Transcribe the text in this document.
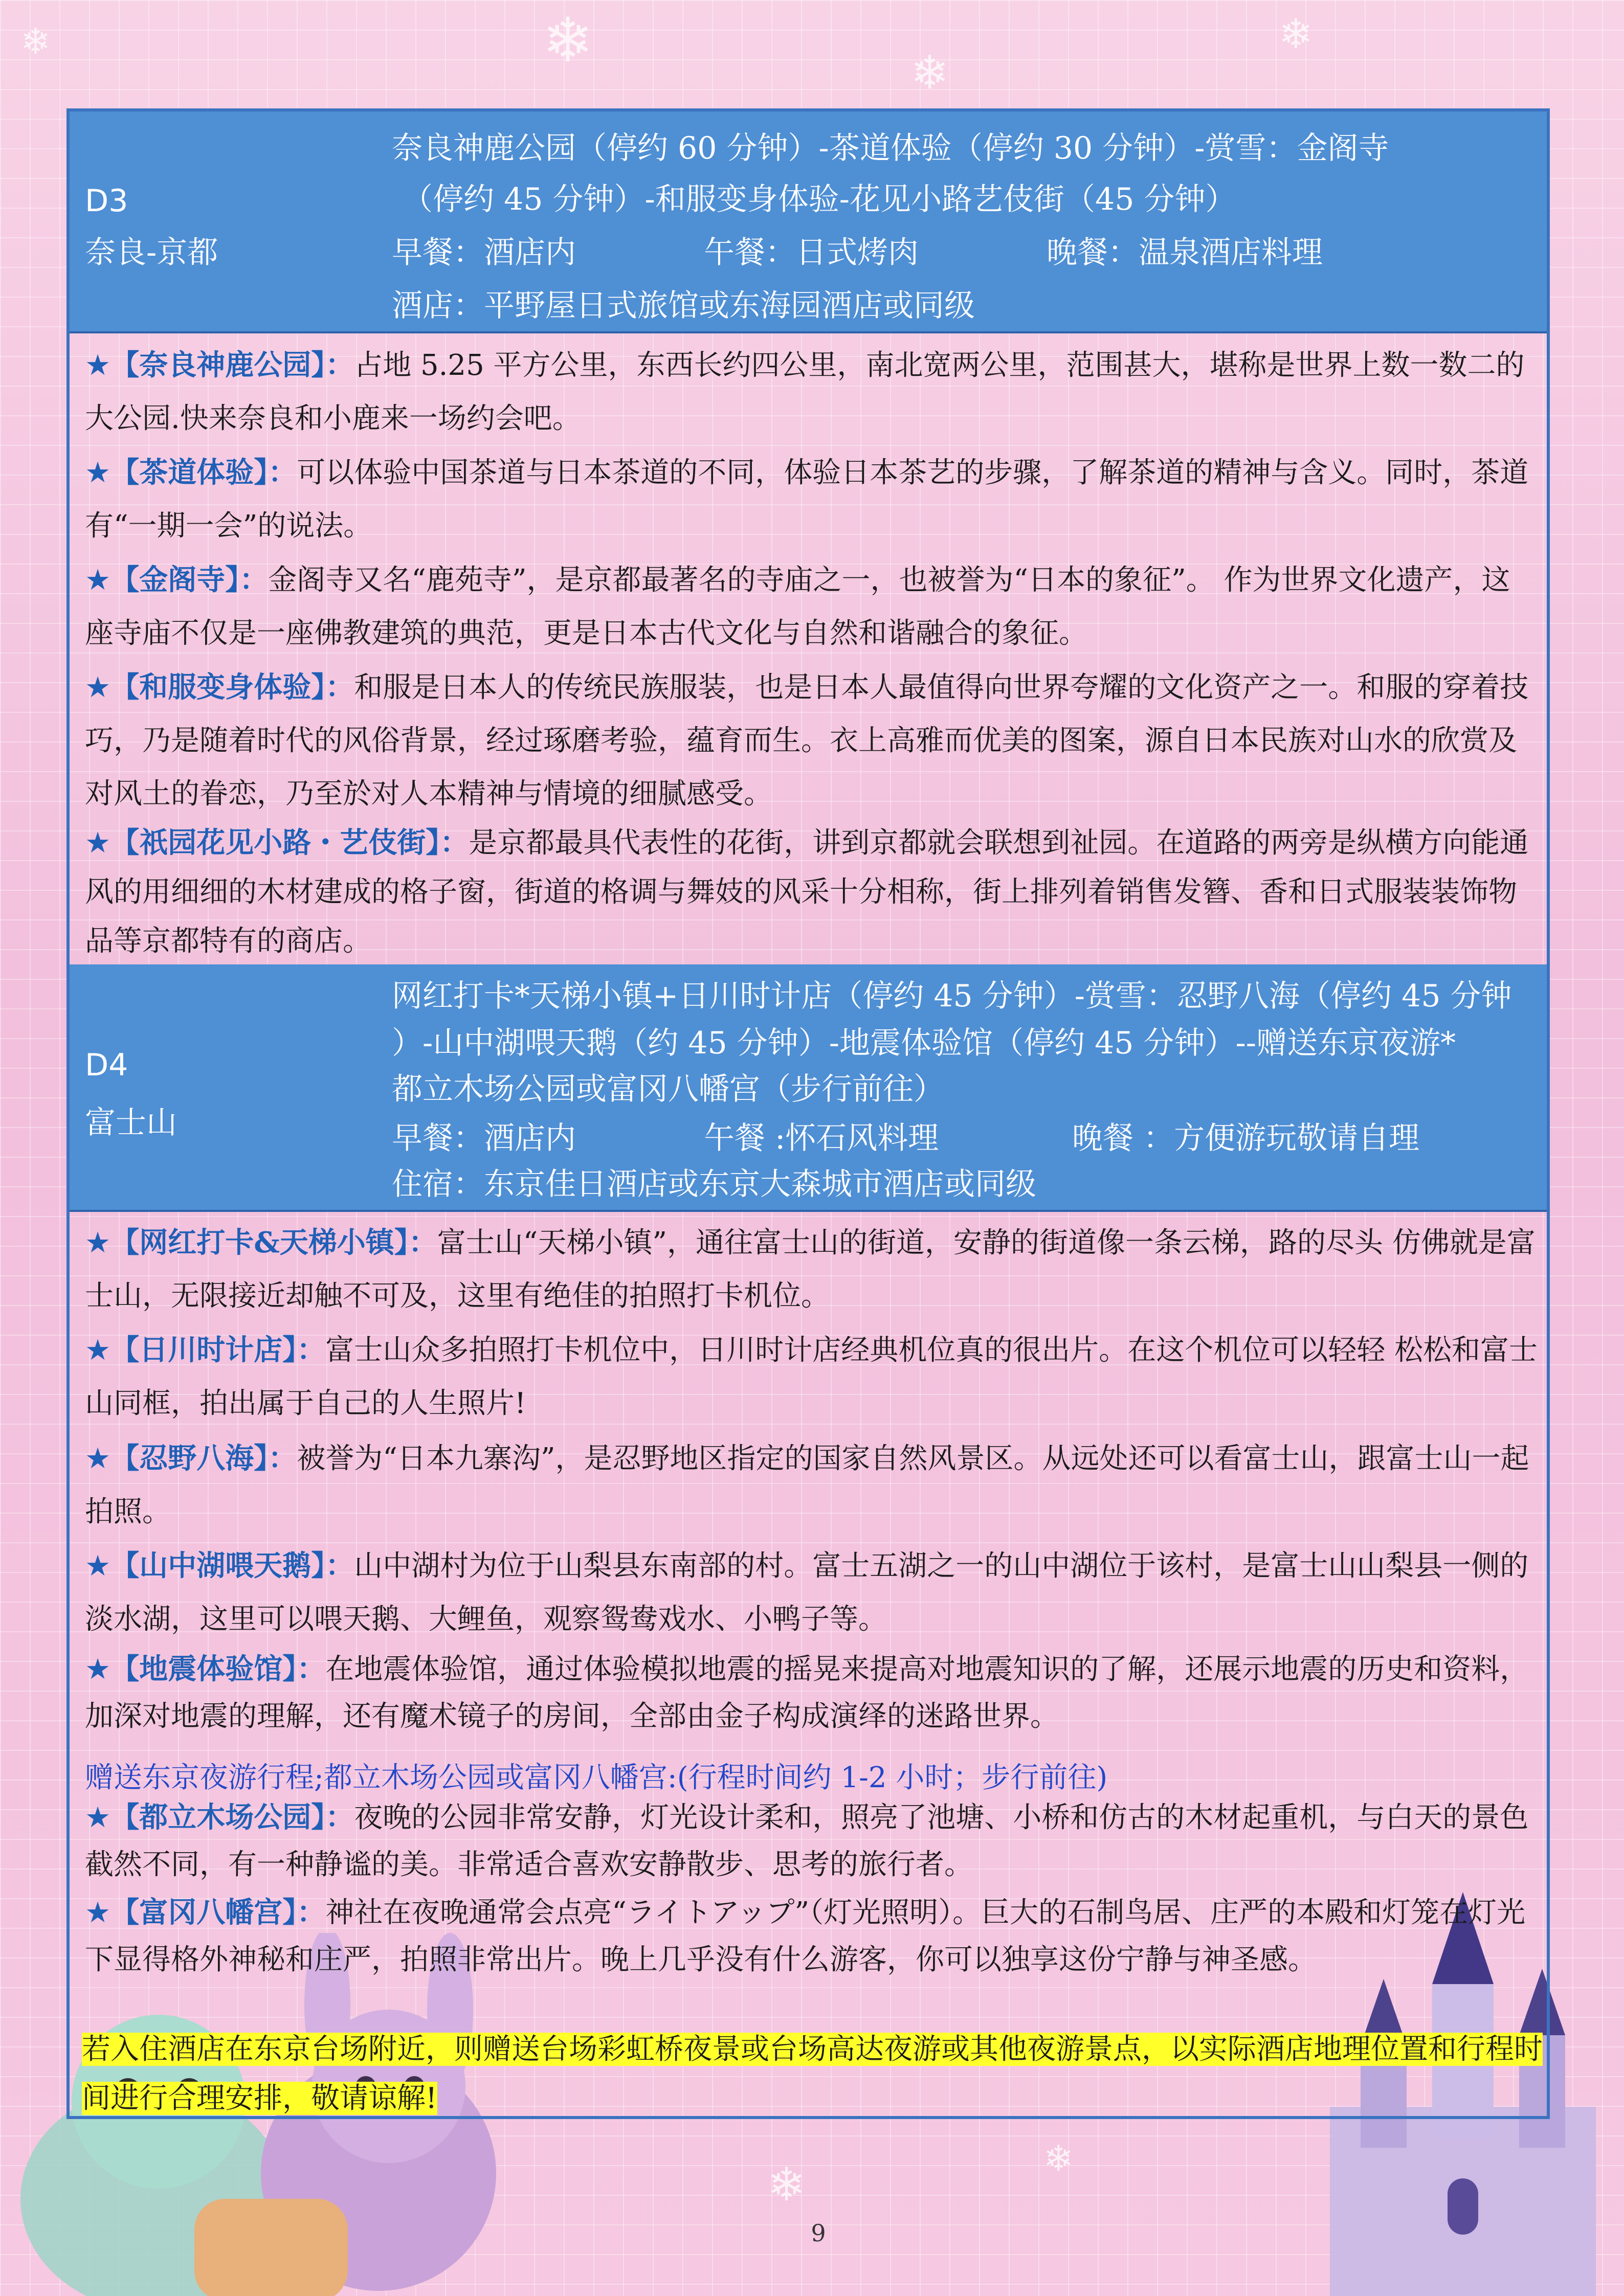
❄	❄
❄
❄
❄	❄
D3
奈良-京都
奈良神鹿公园（停约 60 分钟）-茶道体验（停约 30 分钟）-赏雪：金阁寺
（停约 45 分钟）-和服变身体验-花见小路艺伎街（45 分钟）
早餐：酒店内	午餐：日式烤肉	晚餐：温泉酒店料理
酒店：平野屋日式旅馆或东海园酒店或同级
★【奈良神鹿公园】：占地 5.25 平方公里，东西长约四公里，南北宽两公里，范围甚大，堪称是世界上数一数二的大公园.快来奈良和小鹿来一场约会吧。
★【茶道体验】：可以体验中国茶道与日本茶道的不同，体验日本茶艺的步骤，了解茶道的精神与含义。同时，茶道有“一期一会”的说法。
★【金阁寺】：金阁寺又名“鹿苑寺”，是京都最著名的寺庙之一，也被誉为“日本的象征”。 作为世界文化遗产，这座寺庙不仅是一座佛教建筑的典范，更是日本古代文化与自然和谐融合的象征。
★【和服变身体验】：和服是日本人的传统民族服装，也是日本人最值得向世界夸耀的文化资产之一。和服的穿着技巧，乃是随着时代的风俗背景，经过琢磨考验，蕴育而生。衣上高雅而优美的图案，源自日本民族对山水的欣赏及对风土的眷恋，乃至於对人本精神与情境的细腻感受。
★【祇园花见小路・艺伎街】：是京都最具代表性的花街，讲到京都就会联想到祉园。在道路的两旁是纵横方向能通风的用细细的木材建成的格子窗，街道的格调与舞妓的风采十分相称，街上排列着销售发簪、香和日式服装装饰物品等京都特有的商店。
D4
富士山
网红打卡*天梯小镇+日川时计店（停约 45 分钟）-赏雪：忍野八海（停约 45 分钟
）-山中湖喂天鹅（约 45 分钟）-地震体验馆（停约 45 分钟）--赠送东京夜游*
都立木场公园或富冈八幡宫（步行前往）
早餐：酒店内	午餐 :怀石风料理	晚餐 ：方便游玩敬请自理
住宿：东京佳日酒店或东京大森城市酒店或同级
★【网红打卡&天梯小镇】：富士山“天梯小镇”，通往富士山的街道，安静的街道像一条云梯，路的尽头 仿佛就是富士山，无限接近却触不可及，这里有绝佳的拍照打卡机位。
★【日川时计店】：富士山众多拍照打卡机位中，日川时计店经典机位真的很出片。在这个机位可以轻轻 松松和富士山同框，拍出属于自己的人生照片!
★【忍野八海】：被誉为“日本九寨沟”，是忍野地区指定的国家自然风景区。从远处还可以看富士山，跟富士山一起拍照。
★【山中湖喂天鹅】：山中湖村为位于山梨县东南部的村。富士五湖之一的山中湖位于该村，是富士山山梨县一侧的淡水湖，这里可以喂天鹅、大鲤鱼，观察鸳鸯戏水、小鸭子等。
★【地震体验馆】：在地震体验馆，通过体验模拟地震的摇晃来提高对地震知识的了解，还展示地震的历史和资料，加深对地震的理解，还有魔术镜子的房间，全部由金子构成演绎的迷路世界。
赠送东京夜游行程;都立木场公园或富冈八幡宫:(行程时间约 1-2 小时；步行前往)
★【都立木场公园】：夜晚的公园非常安静，灯光设计柔和，照亮了池塘、小桥和仿古的木材起重机，与白天的景色截然不同，有一种静谧的美。非常适合喜欢安静散步、思考的旅行者。
★【富冈八幡宫】：神社在夜晚通常会点亮“ライトアップ”（灯光照明）。巨大的石制鸟居、庄严的本殿和灯笼在灯光下显得格外神秘和庄严，拍照非常出片。晚上几乎没有什么游客，你可以独享这份宁静与神圣感。
若入住酒店在东京台场附近，则赠送台场彩虹桥夜景或台场高达夜游或其他夜游景点，以实际酒店地理位置和行程时间进行合理安排，敬请谅解!
9
